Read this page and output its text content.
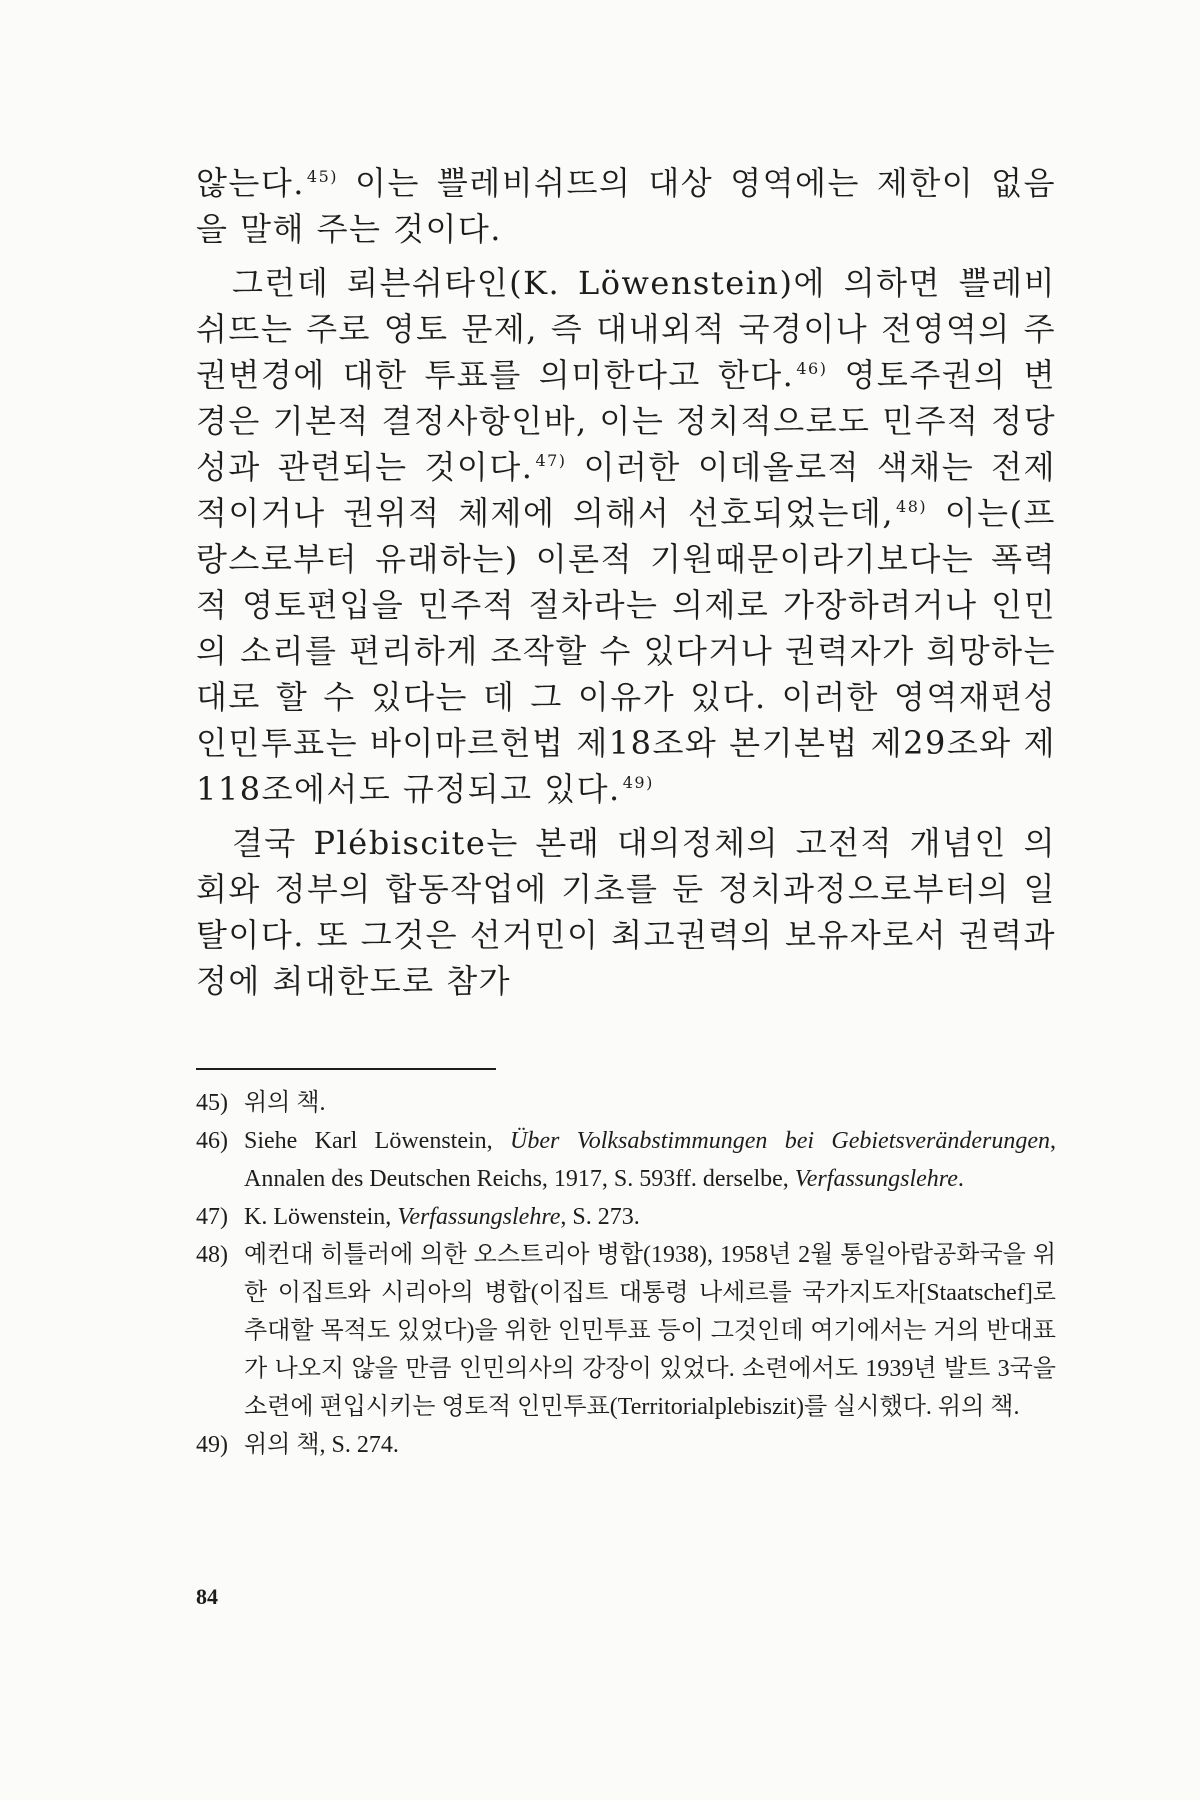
않는다. $^{45)}$ 이는 쁠레비쉬뜨의 대상 영역에는 제한이 없음을 말해 주는 것이다.

그런데 뢰븐쉬타인(K. Löwenstein)에 의하면 쁠레비쉬뜨는 주로 영토 문제, 즉 대내외적 국경이나 전영역의 주권변경에 대한 투표를 의미한다고 한다. $^{46)}$ 영토주권의 변경은 기본적 결정사항인바, 이는 정치적으로도 민주적 정당성과 관련되는 것이다. $^{47)}$ 이러한 이데올로적 색채는 전제적이거나 권위적 체제에 의해서 선호되었는데, $^{48)}$ 이는(프랑스로부터 유래하는) 이론적 기원때문이라기보다는 폭력적 영토편입을 민주적 절차라는 의제로 가장하려거나 인민의 소리를 편리하게 조작할 수 있다거나 권력자가 희망하는 대로 할 수 있다는 데 그 이유가 있다. 이러한 영역재편성 인민투표는 바이마르헌법 제18조와 본기본법 제29조와 제118조에서도 규정되고 있다. $^{49)}$

결국 Plébiscite는 본래 대의정체의 고전적 개념인 의회와 정부의 합동작업에 기초를 둔 정치과정으로부터의 일탈이다. 또 그것은 선거민이 최고권력의 보유자로서 권력과정에 최대한도로 참가

45) 위의 책.
46) Siehe Karl Löwenstein, Über Volksabstimmungen bei Gebietsveränderungen, Annalen des Deutschen Reichs, 1917, S. 593ff. derselbe, Verfassungslehre.
47) K. Löwenstein, Verfassungslehre, S. 273.
48) 예컨대 히틀러에 의한 오스트리아 병합(1938), 1958년 2월 통일아랍공화국을 위한 이집트와 시리아의 병합(이집트 대통령 나세르를 국가지도자[Staatschef]로 추대할 목적도 있었다)을 위한 인민투표 등이 그것인데 여기에서는 거의 반대표가 나오지 않을 만큼 인민의사의 강장이 있었다. 소련에서도 1939년 발트 3국을 소련에 편입시키는 영토적 인민투표(Territorialplebiszit)를 실시했다. 위의 책.
49) 위의 책, S. 274.
84
